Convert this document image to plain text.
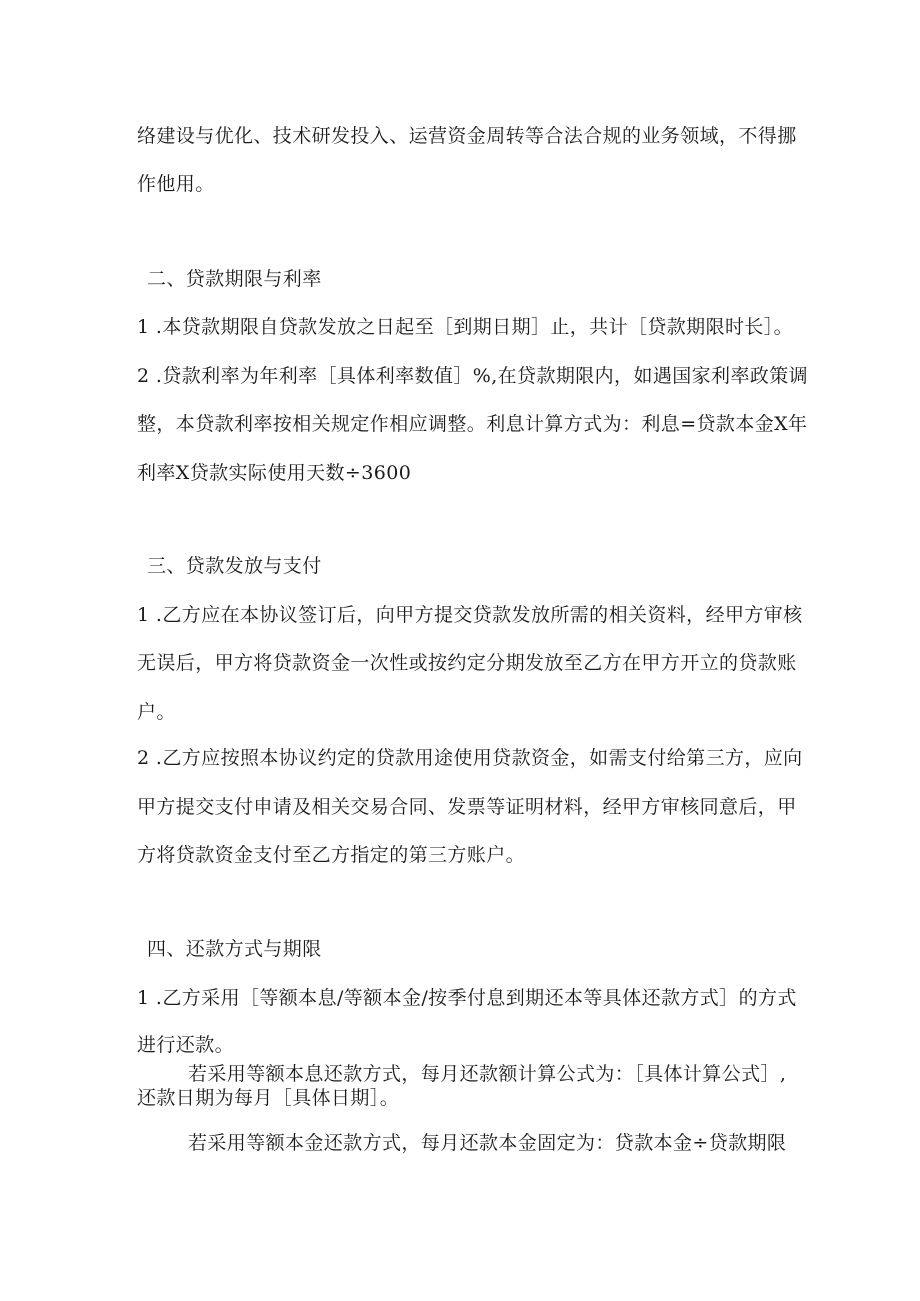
络建设与优化、技术研发投入、运营资金周转等合法合规的业务领域，不得挪
作他用。
二、贷款期限与利率
1 .本贷款期限自贷款发放之日起至［到期日期］止，共计［贷款期限时长］。
2 .贷款利率为年利率［具体利率数值］%,在贷款期限内，如遇国家利率政策调
整，本贷款利率按相关规定作相应调整。利息计算方式为：利息=贷款本金X年
利率X贷款实际使用天数÷3600
三、贷款发放与支付
1 .乙方应在本协议签订后，向甲方提交贷款发放所需的相关资料，经甲方审核
无误后，甲方将贷款资金一次性或按约定分期发放至乙方在甲方开立的贷款账
户。
2 .乙方应按照本协议约定的贷款用途使用贷款资金，如需支付给第三方，应向
甲方提交支付申请及相关交易合同、发票等证明材料，经甲方审核同意后，甲
方将贷款资金支付至乙方指定的第三方账户。
四、还款方式与期限
1 .乙方采用［等额本息/等额本金/按季付息到期还本等具体还款方式］的方式
进行还款。
若采用等额本息还款方式，每月还款额计算公式为：［具体计算公式］,
还款日期为每月［具体日期］。
若采用等额本金还款方式，每月还款本金固定为：贷款本金÷贷款期限
